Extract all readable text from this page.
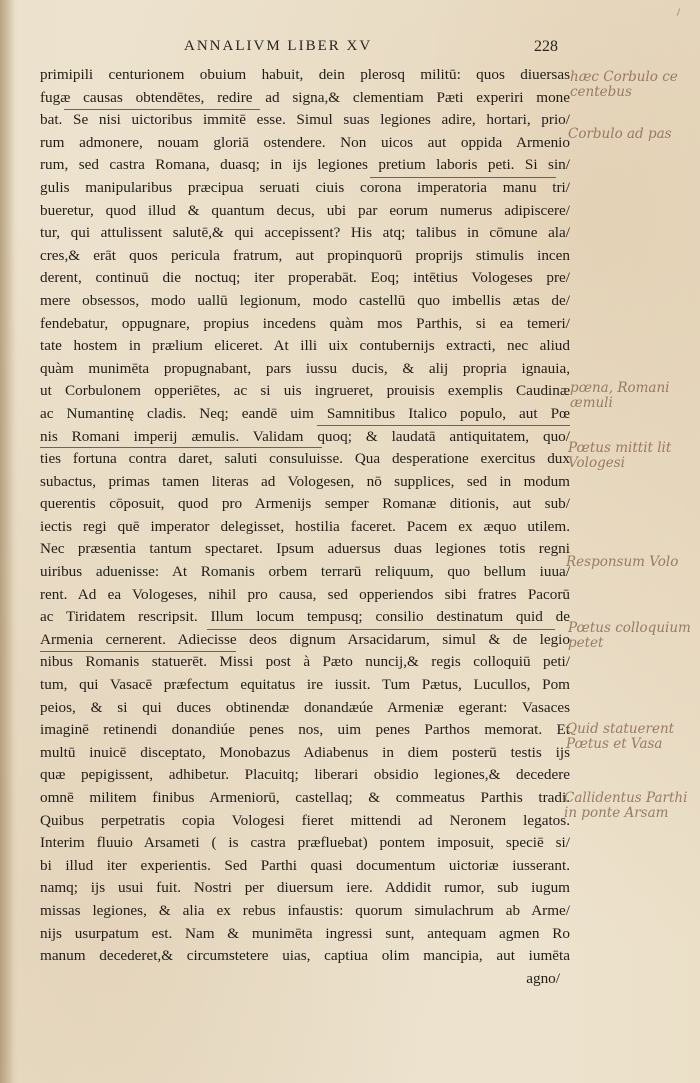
ANNALIVM LIBER XV	228
primipili centurionem obuium habuit, dein plerosq militū: quos diuersas
fugæ causas obtendētes, redire ad signa,& clementiam Pæti experiri mone
bat. Se nisi uictoribus immitē esse. Simul suas legiones adire, hortari, prio/
rum admonere, nouam gloriā ostendere. Non uicos aut oppida Armenio
rum, sed castra Romana, duasq; in ijs legiones pretium laboris peti. Si sin/
gulis manipularibus præcipua seruati ciuis corona imperatoria manu tri/
bueretur, quod illud & quantum decus, ubi par eorum numerus adipiscere/
tur, qui attulissent salutē,& qui accepissent? His atq; talibus in cōmune ala/
cres,& erāt quos pericula fratrum, aut propinquorū proprijs stimulis incen
derent, continuū die noctuq; iter properabāt. Eoq; intētius Vologeses pre/
mere obsessos, modo uallū legionum, modo castellū quo imbellis ætas de/
fendebatur, oppugnare, propius incedens quàm mos Parthis, si ea temeri/
tate hostem in prælium eliceret. At illi uix contubernijs extracti, nec aliud
quàm munimēta propugnabant, pars iussu ducis, & alij propria ignauia,
ut Corbulonem opperiētes, ac si uis ingrueret, prouisis exemplis Caudinæ
ac Numantinę cladis. Neq; eandē uim Samnitibus Italico populo, aut Pœ
nis Romani imperij æmulis. Validam quoq; & laudatā antiquitatem, quo/
ties fortuna contra daret, saluti consuluisse. Qua desperatione exercitus dux
subactus, primas tamen literas ad Vologesen, nō supplices, sed in modum
querentis cōposuit, quod pro Armenijs semper Romanæ ditionis, aut sub/
iectis regi quē imperator delegisset, hostilia faceret. Pacem ex æquo utilem.
Nec præsentia tantum spectaret. Ipsum aduersus duas legiones totis regni
uiribus aduenisse: At Romanis orbem terrarū reliquum, quo bellum iuua/
rent. Ad ea Vologeses, nihil pro causa, sed opperiendos sibi fratres Pacorū
ac Tiridatem rescripsit. Illum locum tempusq; consilio destinatum quid de
Armenia cernerent. Adiecisse deos dignum Arsacidarum, simul & de legio
nibus Romanis statuerēt. Missi post à Pæto nuncij,& regis colloquiū peti/
tum, qui Vasacē præfectum equitatus ire iussit. Tum Pætus, Lucullos, Pom
peios, & si qui duces obtinendæ donandæúe Armeniæ egerant: Vasaces
imaginē retinendi donandiúe penes nos, uim penes Parthos memorat. Et
multū inuicē disceptato, Monobazus Adiabenus in diem posterū testis ijs
quæ pepigissent, adhibetur. Placuitq; liberari obsidio legiones,& decedere
omnē militem finibus Armeniorū, castellaq; & commeatus Parthis tradi.
Quibus perpetratis copia Vologesi fieret mittendi ad Neronem legatos.
Interim fluuio Arsameti ( is castra præfluebat) pontem imposuit, speciē si/
bi illud iter experientis. Sed Parthi quasi documentum uictoriæ iusserant.
namq; ijs usui fuit. Nostri per diuersum iere. Addidit rumor, sub iugum
missas legiones, & alia ex rebus infaustis: quorum simulachrum ab Arme/
nijs usurpatum est. Nam & munimēta ingressi sunt, antequam agmen Ro
manum decederet,& circumstetere uias, captiua olim mancipia, aut iumēta
agno/
hæc Corbulo ce
centebus
Corbulo ad pas
pœna, Romani
æmuli
Pœtus mittit lit
Vologesi
Responsum Volo
Pœtus colloquium
petet
Quid statuerent
Pœtus et Vasa
Callidentus Parthi
in ponte Arsam
